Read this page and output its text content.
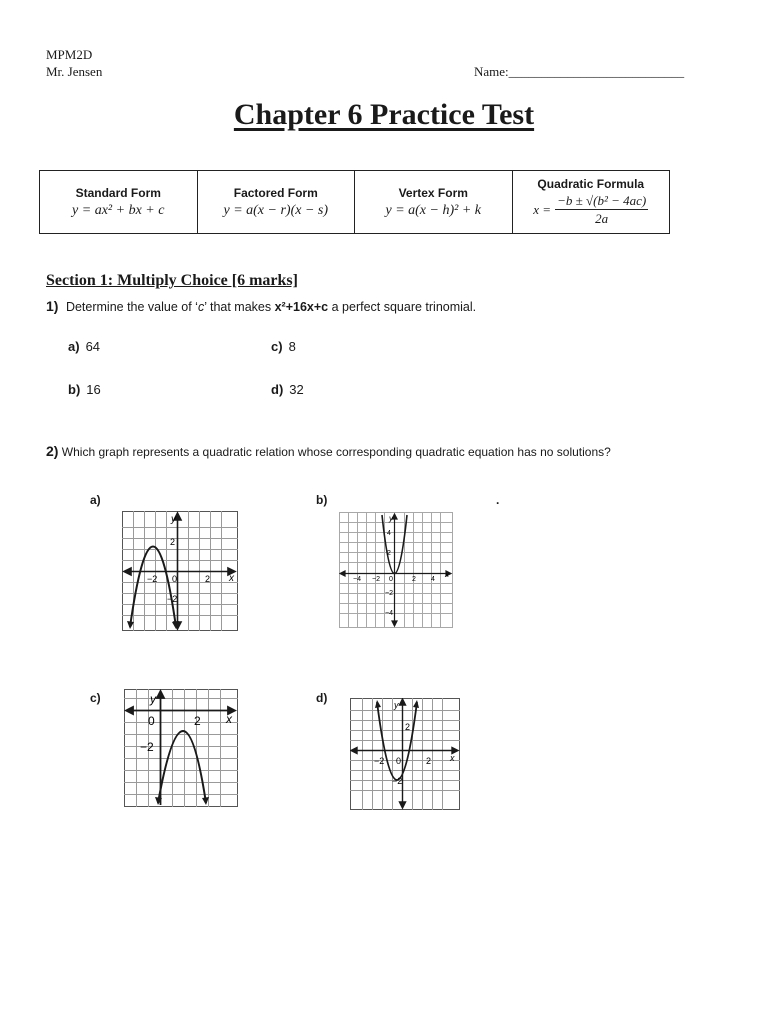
MPM2D
Mr. Jensen	Name:___________________________
Chapter 6 Practice Test
Standard Form
y = ax² + bx + c

Factored Form
y = a(x − r)(x − s)

Vertex Form
y = a(x − h)² + k

Quadratic Formula
$x = \frac{\text{−b ± √(b² − 4ac)}}{2a}$
Section 1: Multiply Choice [6 marks]
1) Determine the value of ‘c’ that makes x²+16x+c a perfect square trinomial.
a) 64	c) 8
b) 16	d) 32
2) Which graph represents a quadratic relation whose corresponding quadratic equation has no solutions?
a)	b)	.
c)	d)
y
x
2
−2 0	2
−2
y
x
4
2
−4 −2 0	2 4
−2
−4
y
x
0	2
−2
y
x
2
−2 0	2
−2
